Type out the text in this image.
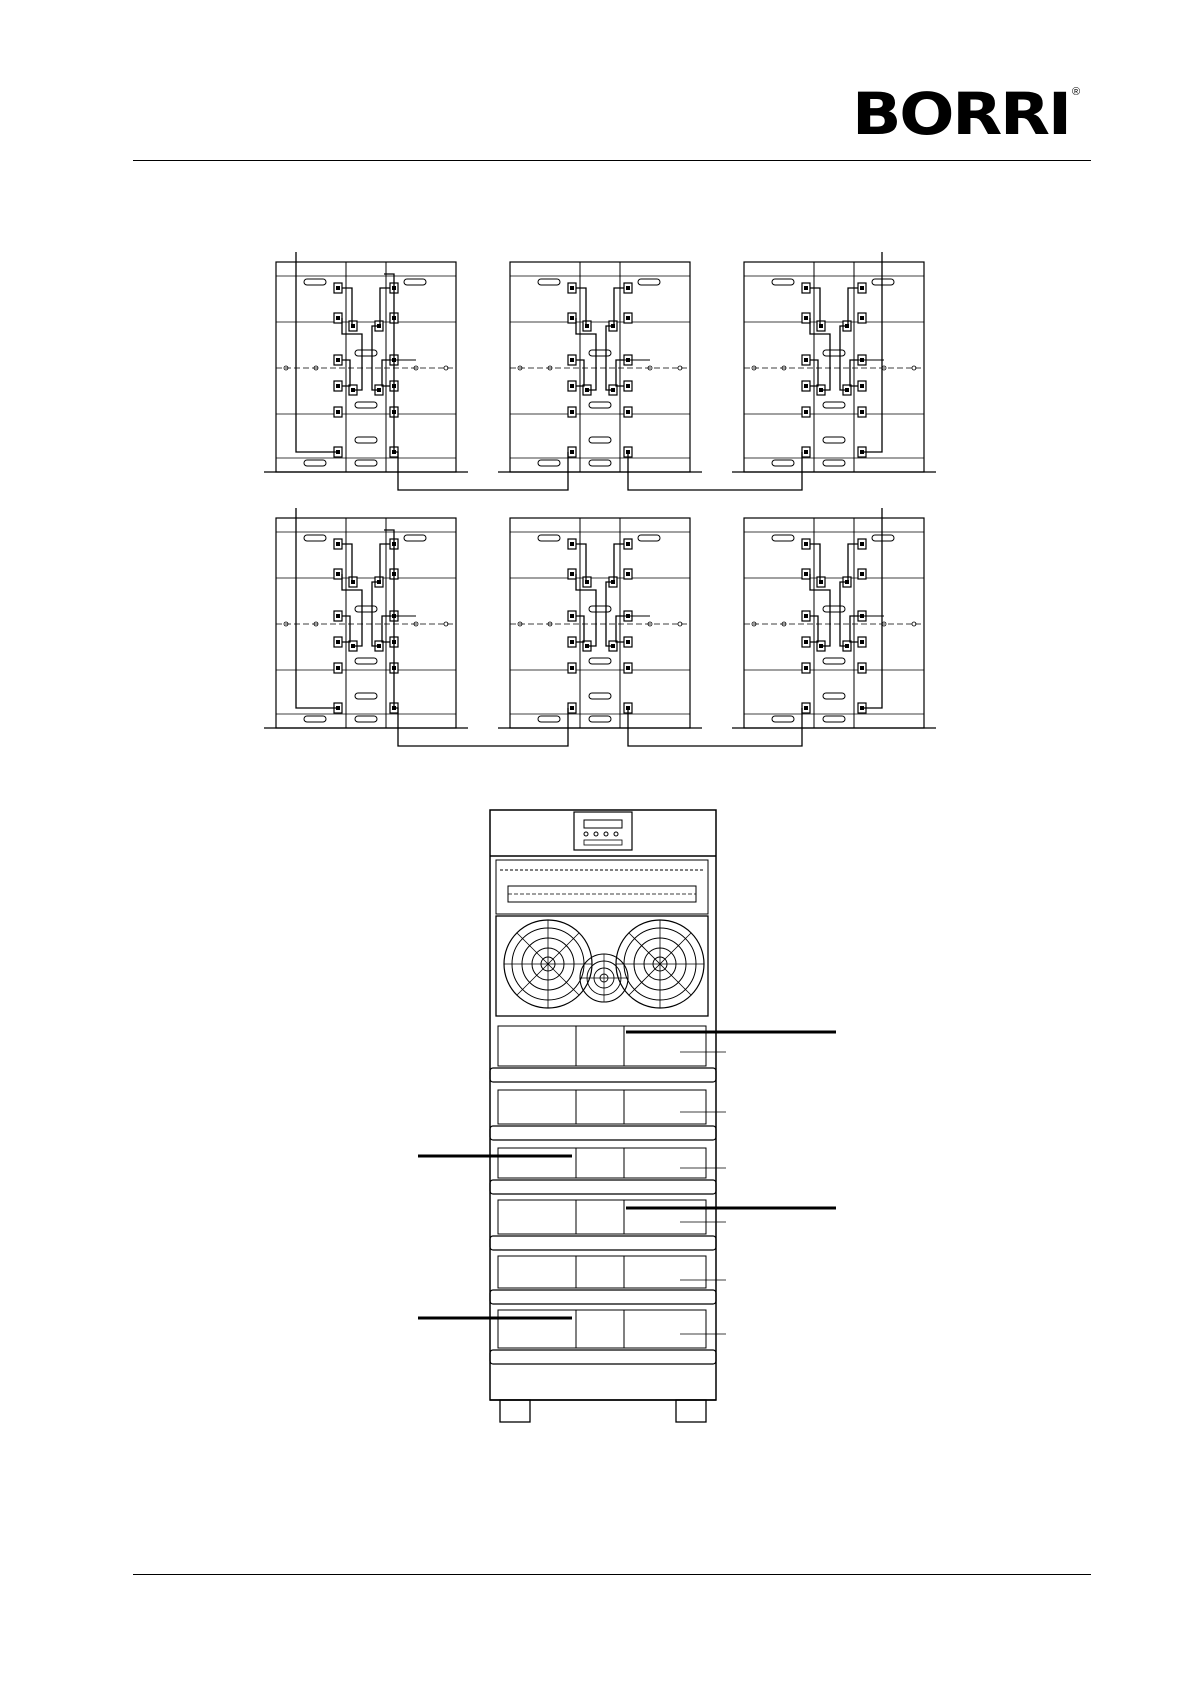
BORRI ®
